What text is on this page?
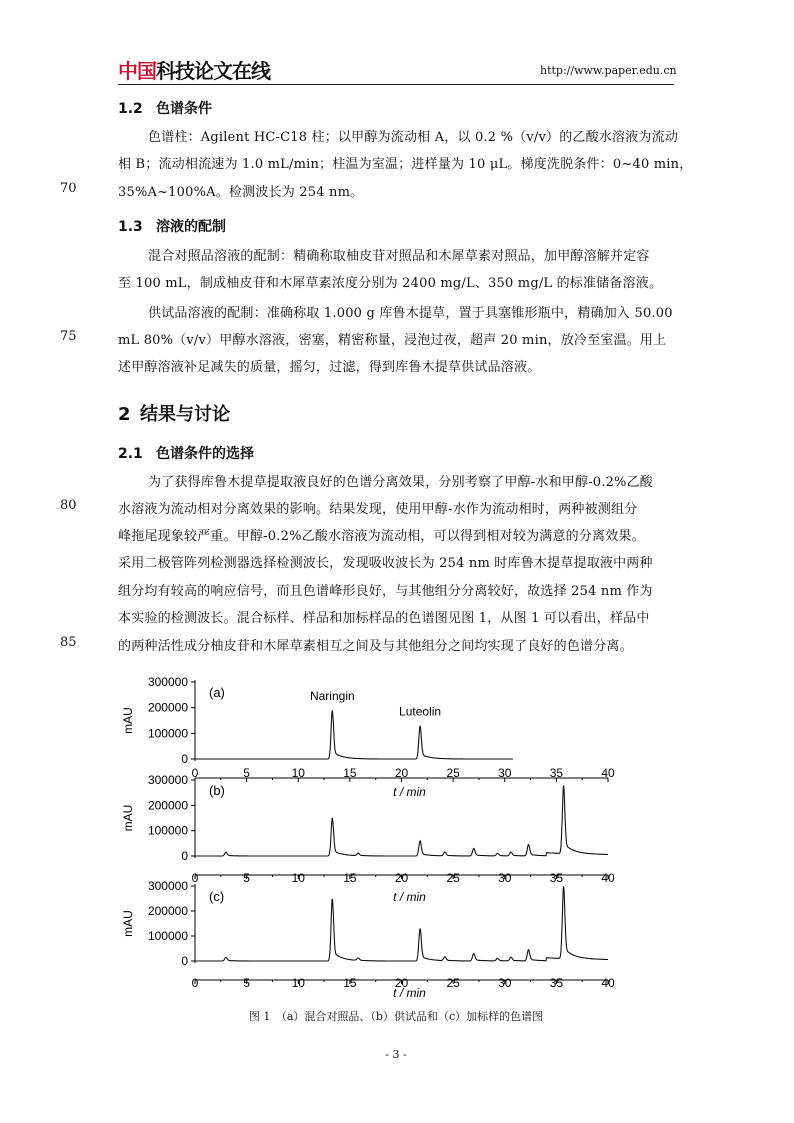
中国 科技论文在线	http://www.paper.edu.cn
1.2 色谱条件
色谱柱：Agilent HC-C18 柱；以甲醇为流动相 A，以 0.2 %（v/v）的乙酸水溶液为流动
相 B；流动相流速为 1.0 mL/min；柱温为室温；进样量为 10 μL。梯度洗脱条件：0~40 min，
35%A~100%A。检测波长为 254 nm。
70
1.3 溶液的配制
混合对照品溶液的配制：精确称取柚皮苷对照品和木犀草素对照品，加甲醇溶解并定容
至 100 mL，制成柚皮苷和木犀草素浓度分别为 2400 mg/L、350 mg/L 的标准储备溶液。
供试品溶液的配制：准确称取 1.000 g 库鲁木提草，置于具塞锥形瓶中，精确加入 50.00
mL 80%（v/v）甲醇水溶液，密塞，精密称量，浸泡过夜，超声 20 min，放冷至室温。用上
75
述甲醇溶液补足减失的质量，摇匀，过滤，得到库鲁木提草供试品溶液。
2 结果与讨论
2.1 色谱条件的选择
为了获得库鲁木提草提取液良好的色谱分离效果，分别考察了甲醇-水和甲醇-0.2%乙酸
水溶液为流动相对分离效果的影响。结果发现，使用甲醇-水作为流动相时，两种被测组分
80
峰拖尾现象较严重。甲醇-0.2%乙酸水溶液为流动相，可以得到相对较为满意的分离效果。
采用二极管阵列检测器选择检测波长，发现吸收波长为 254 nm 时库鲁木提草提取液中两种
组分均有较高的响应信号，而且色谱峰形良好，与其他组分分离较好，故选择 254 nm 作为
本实验的检测波长。混合标样、样品和加标样品的色谱图见图 1，从图 1 可以看出，样品中
的两种活性成分柚皮苷和木犀草素相互之间及与其他组分之间均实现了良好的色谱分离。
85
0
100000
200000
300000
mAU
0	5	10	15	20	25	30	35	40
t / min
(a)	Naringin
Luteolin
0
100000
200000
300000
mAU
0	5	10	15	20	25	30	35	40
t / min
(b)
0
100000
200000
300000
mAU
0	5	10	15	20	25	30	35	40
t / min
(c)
图 1　（a）混合对照品、（b）供试品和（c）加标样的色谱图
- 3 -
